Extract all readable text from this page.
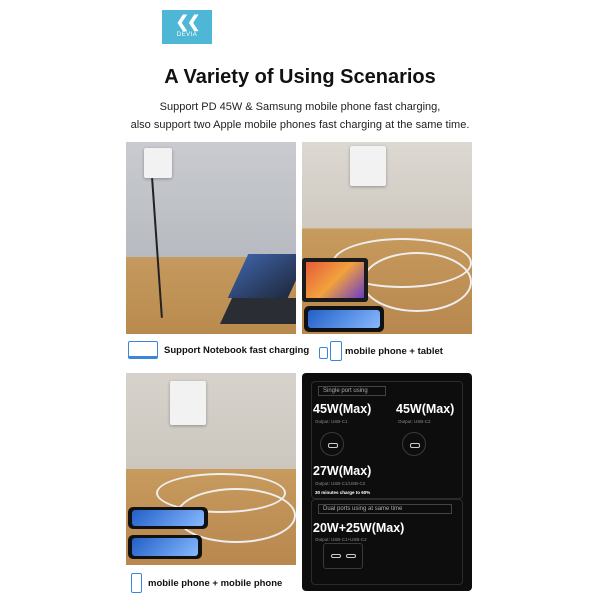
❮❮
DEVIA
A Variety of Using Scenarios
Support PD 45W & Samsung mobile phone fast charging,
also support two Apple mobile phones fast charging at the same time.
Single port using
45W(Max)
Output: USB-C1
45W(Max)
Output: USB-C2
27W(Max)
Output: USB-C1/USB-C2
30 minutes charge to 60%
Dual ports using at same time
20W+25W(Max)
Output: USB-C1+USB-C2
Support Notebook fast charging	mobile phone + tablet
mobile phone + mobile phone
